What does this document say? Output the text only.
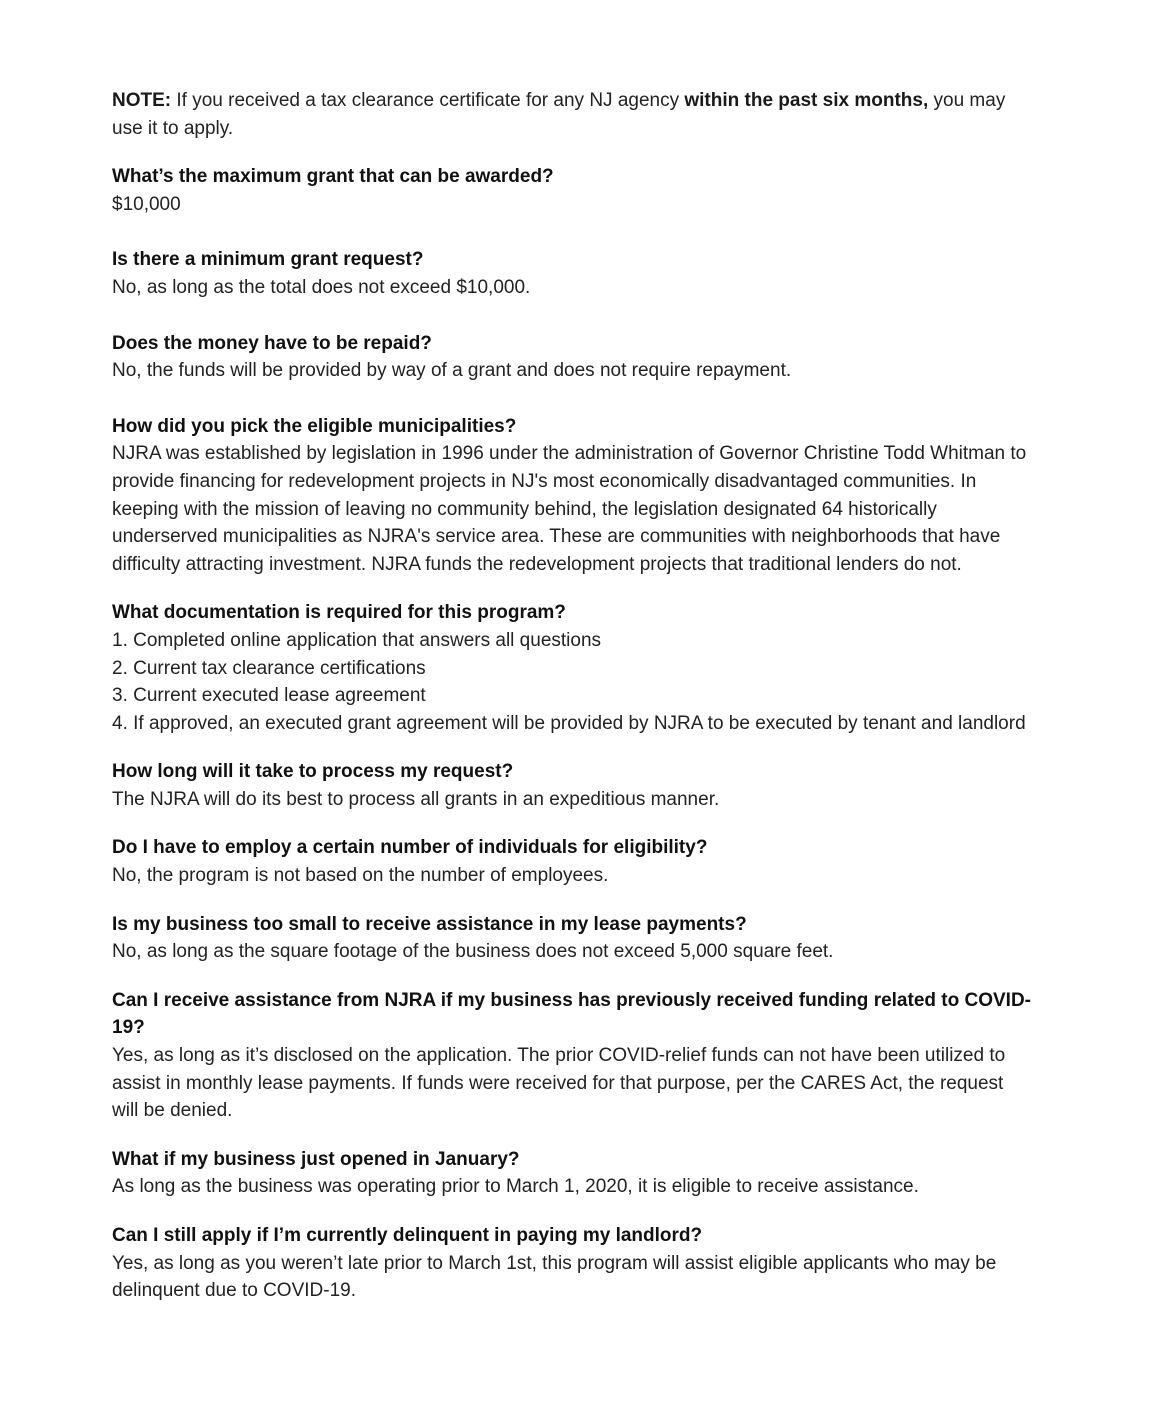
NOTE: If you received a tax clearance certificate for any NJ agency within the past six months, you may use it to apply.

What’s the maximum grant that can be awarded?

$10,000

Is there a minimum grant request?

No, as long as the total does not exceed $10,000.

Does the money have to be repaid?

No, the funds will be provided by way of a grant and does not require repayment.

How did you pick the eligible municipalities?

NJRA was established by legislation in 1996 under the administration of Governor Christine Todd Whitman to provide financing for redevelopment projects in NJ's most economically disadvantaged communities. In keeping with the mission of leaving no community behind, the legislation designated 64 historically underserved municipalities as NJRA's service area. These are communities with neighborhoods that have difficulty attracting investment. NJRA funds the redevelopment projects that traditional lenders do not.

What documentation is required for this program?

1. Completed online application that answers all questions
2. Current tax clearance certifications
3. Current executed lease agreement
4. If approved, an executed grant agreement will be provided by NJRA to be executed by tenant and landlord

How long will it take to process my request?

The NJRA will do its best to process all grants in an expeditious manner.

Do I have to employ a certain number of individuals for eligibility?

No, the program is not based on the number of employees.

Is my business too small to receive assistance in my lease payments?

No, as long as the square footage of the business does not exceed 5,000 square feet.

Can I receive assistance from NJRA if my business has previously received funding related to COVID-19?

Yes, as long as it’s disclosed on the application. The prior COVID-relief funds can not have been utilized to assist in monthly lease payments. If funds were received for that purpose, per the CARES Act, the request will be denied.

What if my business just opened in January?

As long as the business was operating prior to March 1, 2020, it is eligible to receive assistance.

Can I still apply if I’m currently delinquent in paying my landlord?

Yes, as long as you weren’t late prior to March 1st, this program will assist eligible applicants who may be delinquent due to COVID-19.
